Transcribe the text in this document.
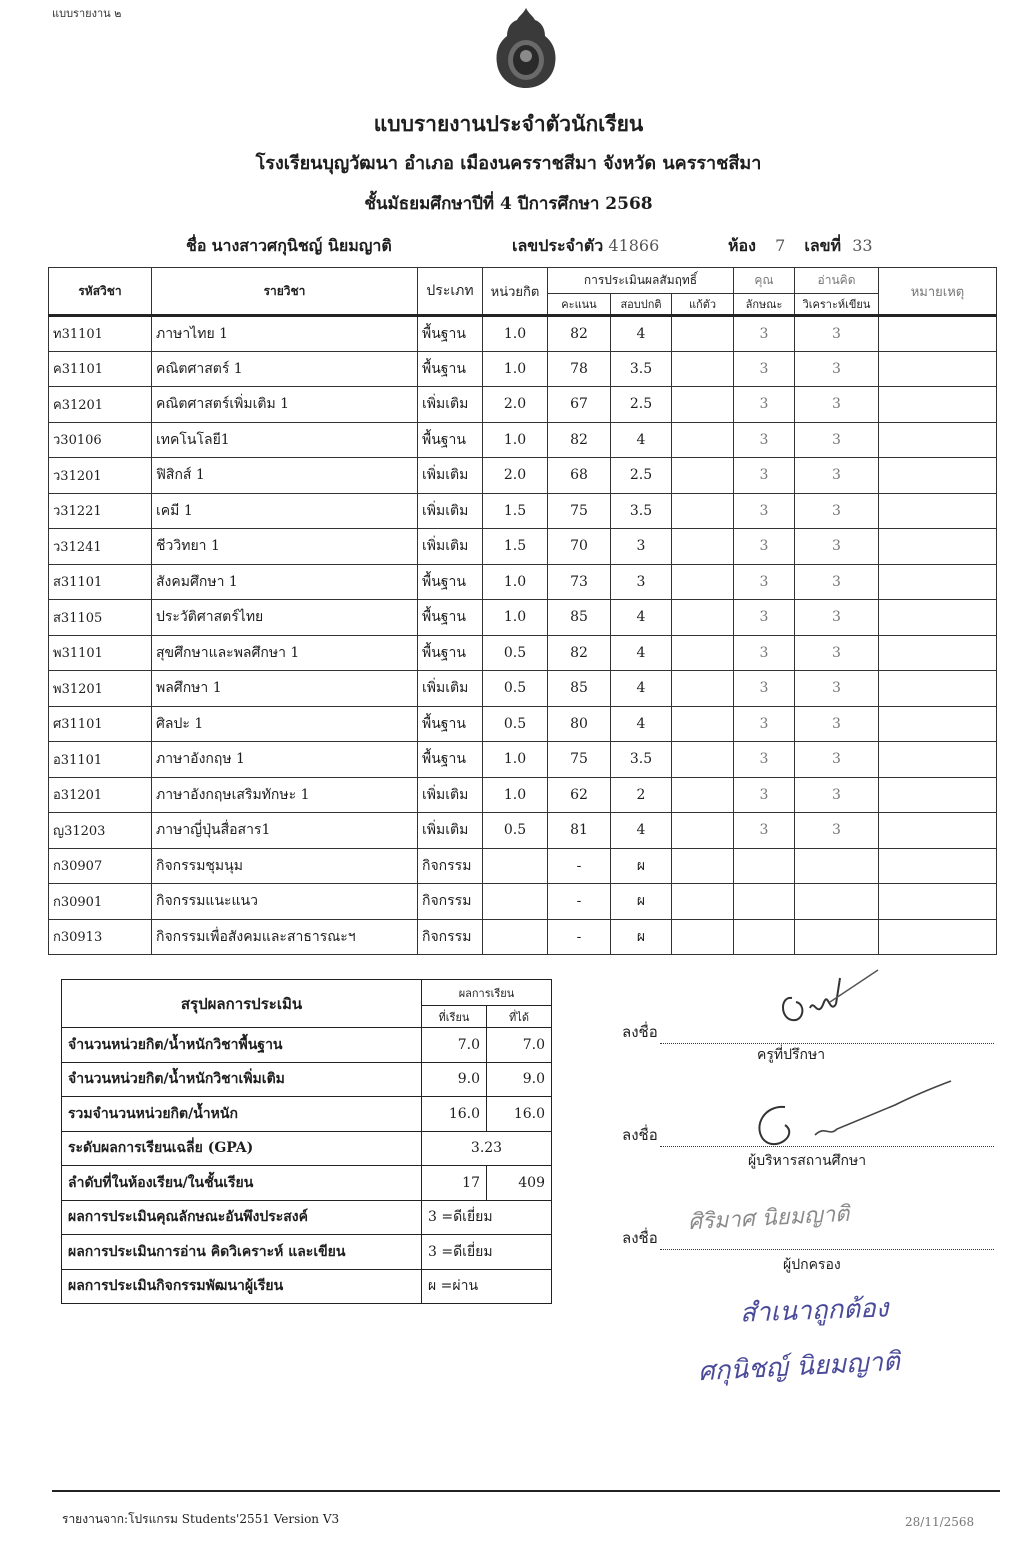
แบบรายงาน ๒
แบบรายงานประจำตัวนักเรียน
โรงเรียนบุญวัฒนา อำเภอ เมืองนครราชสีมา จังหวัด นครราชสีมา
ชั้นมัธยมศึกษาปีที่ 4 ปีการศึกษา 2568
ชื่อ นางสาวศกุนิชญ์ นิยมญาติ	เลขประจำตัว 41866	ห้อง 7 เลขที่ 33
รหัสวิชา	รายวิชา	ประเภท	หน่วยกิต	การประเมินผลสัมฤทธิ์			คุณ	อ่านคิด	หมายเหตุ
				คะแนน	สอบปกติ	แก้ตัว	ลักษณะ	วิเคราะห์เขียน	
ท31101	ภาษาไทย 1	พื้นฐาน	1.0	82	4		3	3	
ค31101	คณิตศาสตร์ 1	พื้นฐาน	1.0	78	3.5		3	3	
ค31201	คณิตศาสตร์เพิ่มเติม 1	เพิ่มเติม	2.0	67	2.5		3	3	
ว30106	เทคโนโลยี1	พื้นฐาน	1.0	82	4		3	3	
ว31201	ฟิสิกส์ 1	เพิ่มเติม	2.0	68	2.5		3	3	
ว31221	เคมี 1	เพิ่มเติม	1.5	75	3.5		3	3	
ว31241	ชีววิทยา 1	เพิ่มเติม	1.5	70	3		3	3	
ส31101	สังคมศึกษา 1	พื้นฐาน	1.0	73	3		3	3	
ส31105	ประวัติศาสตร์ไทย	พื้นฐาน	1.0	85	4		3	3	
พ31101	สุขศึกษาและพลศึกษา 1	พื้นฐาน	0.5	82	4		3	3	
พ31201	พลศึกษา 1	เพิ่มเติม	0.5	85	4		3	3	
ศ31101	ศิลปะ 1	พื้นฐาน	0.5	80	4		3	3	
อ31101	ภาษาอังกฤษ 1	พื้นฐาน	1.0	75	3.5		3	3	
อ31201	ภาษาอังกฤษเสริมทักษะ 1	เพิ่มเติม	1.0	62	2		3	3	
ญ31203	ภาษาญี่ปุ่นสื่อสาร1	เพิ่มเติม	0.5	81	4		3	3	
ก30907	กิจกรรมชุมนุม	กิจกรรม		-	ผ				
ก30901	กิจกรรมแนะแนว	กิจกรรม		-	ผ				
ก30913	กิจกรรมเพื่อสังคมและสาธารณะฯ	กิจกรรม		-	ผ				
สรุปผลการประเมิน	ผลการเรียน	
	ที่เรียน	ที่ได้
จำนวนหน่วยกิต/น้ำหนักวิชาพื้นฐาน	7.0	7.0
จำนวนหน่วยกิต/น้ำหนักวิชาเพิ่มเติม	9.0	9.0
รวมจำนวนหน่วยกิต/น้ำหนัก	16.0	16.0
ระดับผลการเรียนเฉลี่ย (GPA)	3.23	
ลำดับที่ในห้องเรียน/ในชั้นเรียน	17	409
ผลการประเมินคุณลักษณะอันพึงประสงค์	3 =ดีเยี่ยม	
ผลการประเมินการอ่าน คิดวิเคราะห์ และเขียน	3 =ดีเยี่ยม	
ผลการประเมินกิจกรรมพัฒนาผู้เรียน	ผ =ผ่าน	
ลงชื่อ
ครูที่ปรึกษา
ลงชื่อ
ผู้บริหารสถานศึกษา
ลงชื่อ
ศิริมาศ นิยมญาติ
ผู้ปกครอง
สำเนาถูกต้อง
ศกุนิชญ์ นิยมญาติ
รายงานจาก:โปรแกรม Students'2551 Version V3	28/11/2568
